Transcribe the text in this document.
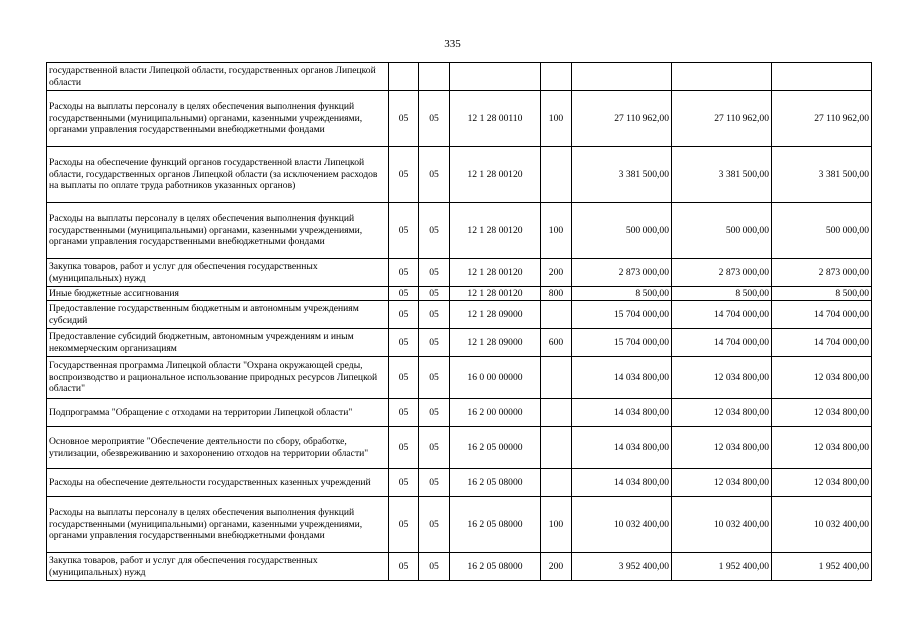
335
государственной власти Липецкой области, государственных органов Липецкой области							
Расходы на выплаты персоналу в целях обеспечения выполнения функций государственными (муниципальными) органами, казенными учреждениями, органами управления государственными внебюджетными фондами	05	05	12 1 28 00110	100	27 110 962,00	27 110 962,00	27 110 962,00
Расходы на обеспечение функций органов государственной власти Липецкой области, государственных органов Липецкой области (за исключением расходов на выплаты по оплате труда работников указанных органов)	05	05	12 1 28 00120		3 381 500,00	3 381 500,00	3 381 500,00
Расходы на выплаты персоналу в целях обеспечения выполнения функций государственными (муниципальными) органами, казенными учреждениями, органами управления государственными внебюджетными фондами	05	05	12 1 28 00120	100	500 000,00	500 000,00	500 000,00
Закупка товаров, работ и услуг для обеспечения государственных (муниципальных) нужд	05	05	12 1 28 00120	200	2 873 000,00	2 873 000,00	2 873 000,00
Иные бюджетные ассигнования	05	05	12 1 28 00120	800	8 500,00	8 500,00	8 500,00
Предоставление государственным бюджетным и автономным учреждениям субсидий	05	05	12 1 28 09000		15 704 000,00	14 704 000,00	14 704 000,00
Предоставление субсидий бюджетным, автономным учреждениям и иным некоммерческим организациям	05	05	12 1 28 09000	600	15 704 000,00	14 704 000,00	14 704 000,00
Государственная программа Липецкой области "Охрана окружающей среды, воспроизводство и рациональное использование природных ресурсов Липецкой области"	05	05	16 0 00 00000		14 034 800,00	12 034 800,00	12 034 800,00
Подпрограмма "Обращение с отходами на территории Липецкой области"	05	05	16 2 00 00000		14 034 800,00	12 034 800,00	12 034 800,00
Основное мероприятие "Обеспечение деятельности по сбору, обработке, утилизации, обезвреживанию и захоронению отходов на территории области"	05	05	16 2 05 00000		14 034 800,00	12 034 800,00	12 034 800,00
Расходы на обеспечение деятельности государственных казенных учреждений	05	05	16 2 05 08000		14 034 800,00	12 034 800,00	12 034 800,00
Расходы на выплаты персоналу в целях обеспечения выполнения функций государственными (муниципальными) органами, казенными учреждениями, органами управления государственными внебюджетными фондами	05	05	16 2 05 08000	100	10 032 400,00	10 032 400,00	10 032 400,00
Закупка товаров, работ и услуг для обеспечения государственных (муниципальных) нужд	05	05	16 2 05 08000	200	3 952 400,00	1 952 400,00	1 952 400,00
